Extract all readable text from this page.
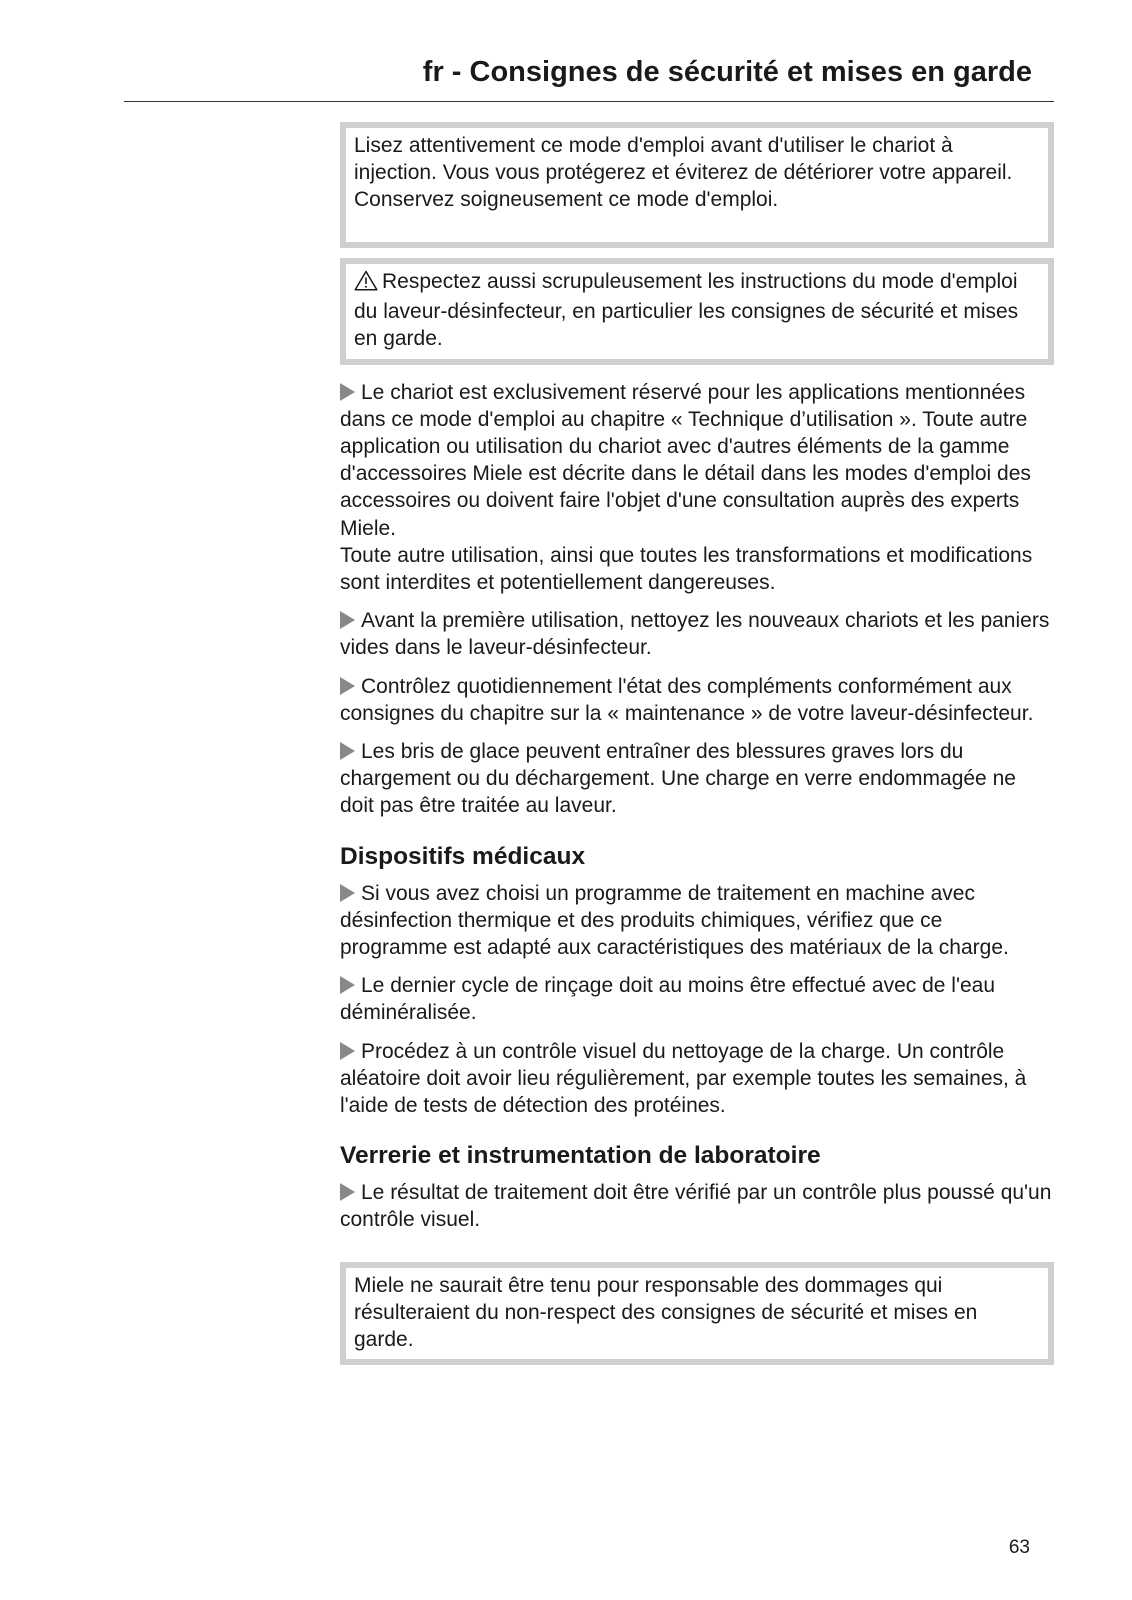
fr - Consignes de sécurité et mises en garde
Lisez attentivement ce mode d'emploi avant d'utiliser le chariot à injection. Vous vous protégerez et éviterez de détériorer votre appareil. Conservez soigneusement ce mode d'emploi.
Respectez aussi scrupuleusement les instructions du mode d'emploi du laveur-désinfecteur, en particulier les consignes de sécurité et mises en garde.
Le chariot est exclusivement réservé pour les applications mentionnées dans ce mode d'emploi au chapitre « Technique d’utilisation ». Toute autre application ou utilisation du chariot avec d'autres éléments de la gamme d'accessoires Miele est décrite dans le détail dans les modes d'emploi des accessoires ou doivent faire l'objet d'une consultation auprès des experts Miele.
Toute autre utilisation, ainsi que toutes les transformations et modifications sont interdites et potentiellement dangereuses.
Avant la première utilisation, nettoyez les nouveaux chariots et les paniers vides dans le laveur-désinfecteur.
Contrôlez quotidiennement l'état des compléments conformément aux consignes du chapitre sur la « maintenance » de votre laveur-désinfecteur.
Les bris de glace peuvent entraîner des blessures graves lors du chargement ou du déchargement. Une charge en verre endommagée ne doit pas être traitée au laveur.
Dispositifs médicaux
Si vous avez choisi un programme de traitement en machine avec désinfection thermique et des produits chimiques, vérifiez que ce programme est adapté aux caractéristiques des matériaux de la charge.
Le dernier cycle de rinçage doit au moins être effectué avec de l'eau déminéralisée.
Procédez à un contrôle visuel du nettoyage de la charge. Un contrôle aléatoire doit avoir lieu régulièrement, par exemple toutes les semaines, à l'aide de tests de détection des protéines.
Verrerie et instrumentation de laboratoire
Le résultat de traitement doit être vérifié par un contrôle plus poussé qu'un contrôle visuel.
Miele ne saurait être tenu pour responsable des dommages qui résulteraient du non-respect des consignes de sécurité et mises en garde.
63
